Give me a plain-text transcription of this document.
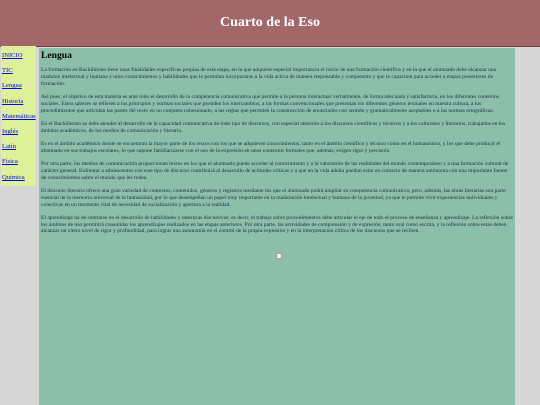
Cuarto de la Eso
INICIO
TIC
Lengua
Historia
Matemáticas
Inglés
Latín
Física
Química
Lengua

La formación en Bachillerato tiene unas finalidades específicas propias de esta etapa, en la que adquiere especial importancia el inicio de una formación científica y en la que el alumnado debe alcanzar una madurez intelectual y humana y unos conocimientos y habilidades que le permitan incorporarse a la vida activa de manera responsable y competente y que le capaciten para acceder a etapas posteriores de formación.

Así pues, el objetivo de esta materia es ante todo el desarrollo de la competencia comunicativa que permite a la persona interactuar verbalmente, de forma adecuada y satisfactoria, en los diferentes contextos sociales. Estos saberes se refieren a los principios y normas sociales que presiden los intercambios, a las formas convencionales que presentan los diferentes géneros textuales en nuestra cultura, a los procedimientos que articulan las partes del texto en un conjunto cohesionado, a las reglas que permiten la construcción de enunciados con sentido y gramaticalmente aceptables o a las normas ortográficas.

En el Bachillerato se debe atender al desarrollo de la capacidad comunicativa de todo tipo de discursos, con especial atención a los discursos científicos y técnicos y a los culturales y literarios, trabajados en los ámbitos académicos, de los medios de comunicación y literario.

Es en el ámbito académico donde se encuentran la mayor parte de los textos con los que se adquieren conocimientos, tanto en el ámbito científico y técnico como en el humanístico, y los que debe producir el alumnado en sus trabajos escolares, lo que supone familiarizarse con el uso de la expresión en unos contextos formales que, además, exigen rigor y precisión.

Por otra parte, los medios de comunicación proporcionan textos en los que el alumnado puede acceder al conocimiento y a la valoración de las realidades del mundo contemporáneo y a una formación cultural de carácter general. Enfrentar a adolescentes con este tipo de discurso contribuirá al desarrollo de actitudes críticas y a que en la vida adulta puedan estar en contacto de manera autónoma con una importante fuente de conocimientos sobre el mundo que les rodea.

El discurso literario ofrece una gran variedad de contextos, contenidos, géneros y registros mediante los que el alumnado podrá ampliar su competencia comunicativa; pero, además, las obras literarias son parte esencial de la memoria universal de la humanidad, por lo que desempeñan un papel muy importante en la maduración intelectual y humana de la juventud, ya que le permite vivir experiencias individuales y colectivas en un momento vital de necesidad de socialización y apertura a la realidad.

El aprendizaje ha de centrarse en el desarrollo de habilidades y destrezas discursivas; es decir, el trabajo sobre procedimientos debe articular el eje de todo el proceso de enseñanza y aprendizaje. La reflexión sobre los ámbitos de uso permitirá consolidar los aprendizajes realizados en las etapas anteriores. Por otra parte, las actividades de comprensión y de expresión, tanto oral como escrita, y la reflexión sobre estas deben alcanzar un cierto nivel de rigor y profundidad, para lograr una autonomía en el control de la propia expresión y en la interpretación crítica de los discursos que se reciben.
